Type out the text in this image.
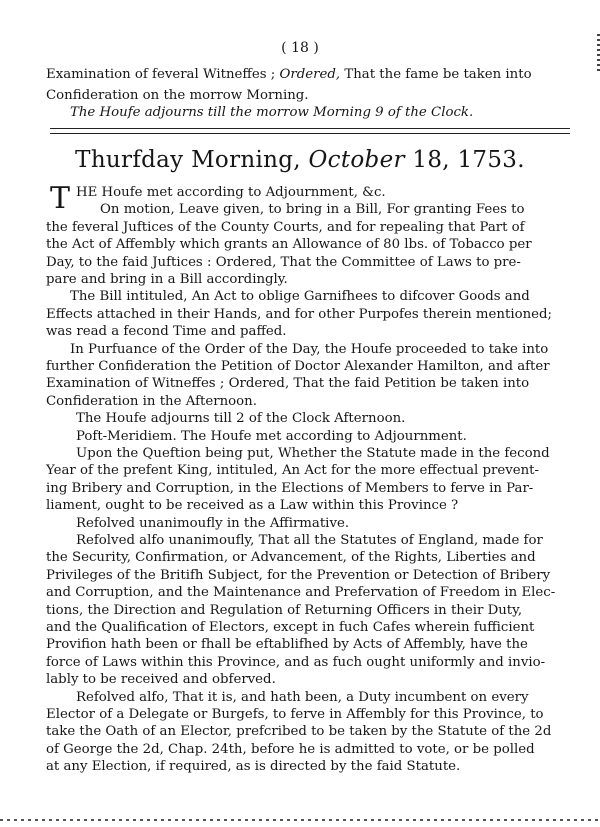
( 18 )
Examination of feveral Witneffes ; Ordered, That the fame be taken into
Confideration on the morrow Morning.
The Houfe adjourns till the morrow Morning 9 of the Clock.
Thurfday Morning, October 18, 1753.
T HE Houfe met according to Adjournment, &c.
On motion, Leave given, to bring in a Bill, For granting Fees to
the feveral Juftices of the County Courts, and for repealing that Part of
the Act of Affembly which grants an Allowance of 80 lbs. of Tobacco per
Day, to the faid Juftices : Ordered, That the Committee of Laws to pre-
pare and bring in a Bill accordingly.
The Bill intituled, An Act to oblige Garnifhees to difcover Goods and
Effects attached in their Hands, and for other Purpofes therein mentioned;
was read a fecond Time and paffed.
In Purfuance of the Order of the Day, the Houfe proceeded to take into
further Confideration the Petition of Doctor Alexander Hamilton, and after
Examination of Witneffes ; Ordered, That the faid Petition be taken into
Confideration in the Afternoon.
The Houfe adjourns till 2 of the Clock Afternoon.
Poft-Meridiem. The Houfe met according to Adjournment.
Upon the Queftion being put, Whether the Statute made in the fecond
Year of the prefent King, intituled, An Act for the more effectual prevent-
ing Bribery and Corruption, in the Elections of Members to ferve in Par-
liament, ought to be received as a Law within this Province ?
Refolved unanimoufly in the Affirmative.
Refolved alfo unanimoufly, That all the Statutes of England, made for
the Security, Confirmation, or Advancement, of the Rights, Liberties and
Privileges of the Britifh Subject, for the Prevention or Detection of Bribery
and Corruption, and the Maintenance and Prefervation of Freedom in Elec-
tions, the Direction and Regulation of Returning Officers in their Duty,
and the Qualification of Electors, except in fuch Cafes wherein fufficient
Provifion hath been or fhall be eftablifhed by Acts of Affembly, have the
force of Laws within this Province, and as fuch ought uniformly and invio-
lably to be received and obferved.
Refolved alfo, That it is, and hath been, a Duty incumbent on every
Elector of a Delegate or Burgefs, to ferve in Affembly for this Province, to
take the Oath of an Elector, prefcribed to be taken by the Statute of the 2d
of George the 2d, Chap. 24th, before he is admitted to vote, or be polled
at any Election, if required, as is directed by the faid Statute.
